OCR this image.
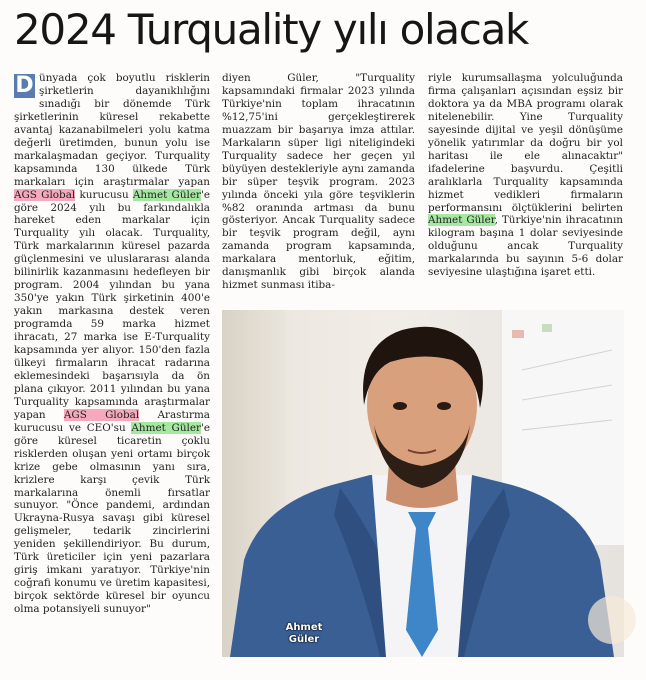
2024 Turquality yılı olacak

D ünyada çok boyutlu risklerin şirketlerin dayanıklılığını sınadığı bir dönemde Türk şirketlerinin küresel rekabette avantaj kazanabilmeleri yolu katma değerli üretimden, bunun yolu ise markalaşmadan geçiyor. Turquality kapsamında 130 ülkede Türk markaları için araştırmalar yapan AGS Global kurucusu Ahmet Güler'e göre 2024 yılı bu farkındalıkla hareket eden markalar için Turquality yılı olacak. Turquality, Türk markalarının küresel pazarda güçlenmesini ve uluslararası alanda bilinirlik kazanmasını hedefleyen bir program. 2004 yılından bu yana 350'ye yakın Türk şirketinin 400'e yakın markasına destek veren programda 59 marka hizmet ihracatı, 27 marka ise E-Turquality kapsamında yer alıyor. 150'den fazla ülkeyi firmaların ihracat radarına eklemesindeki başarısıyla da ön plana çıkıyor. 2011 yılından bu yana Turquality kapsamında araştırmalar yapan AGS Global Arastırma kurucusu ve CEO'su Ahmet Güler'e göre küresel ticaretin çoklu risklerden oluşan yeni ortamı birçok krize gebe olmasının yanı sıra, krizlere karşı çevik Türk markalarına önemli fırsatlar sunuyor. "Önce pandemi, ardından Ukrayna-Rusya savaşı gibi küresel gelişmeler, tedarik zincirlerini yeniden şekillendiriyor. Bu durum, Türk üreticiler için yeni pazarlara giriş imkanı yaratıyor. Türkiye'nin coğrafi konumu ve üretim kapasitesi, birçok sektörde küresel bir oyuncu olma potansiyeli sunuyor"

diyen Güler, "Turquality kapsamındaki firmalar 2023 yılında Türkiye'nin toplam ihracatının %12,75'ini gerçekleştirerek muazzam bir başarıya imza attılar. Markaların süper ligi niteligindeki Turquality sadece her geçen yıl büyüyen destekleriyle aynı zamanda bir süper teşvik program. 2023 yılında önceki yıla göre teşviklerin %82 oranında artması da bunu gösteriyor. Ancak Turquality sadece bir teşvik program değil, aynı zamanda program kapsamında, markalara mentorluk, eğitim, danışmanlık gibi birçok alanda hizmet sunması itiba-

riyle kurumsallaşma yolculuğunda firma çalışanları açısından eşsiz bir doktora ya da MBA programı olarak nitelenebilir. Yine Turquality sayesinde dijital ve yeşil dönüşüme yönelik yatırımlar da doğru bir yol haritası ile ele alınacaktır" ifadelerine başvurdu. Çeşitli aralıklarla Turquality kapsamında hizmet vedikleri firmaların performansını ölçtüklerini belirten Ahmet Güler, Türkiye'nin ihracatının kilogram başına 1 dolar seviyesinde olduğunu ancak Turquality markalarında bu sayının 5-6 dolar seviyesine ulaştığına işaret etti.

Ahmet
Güler
